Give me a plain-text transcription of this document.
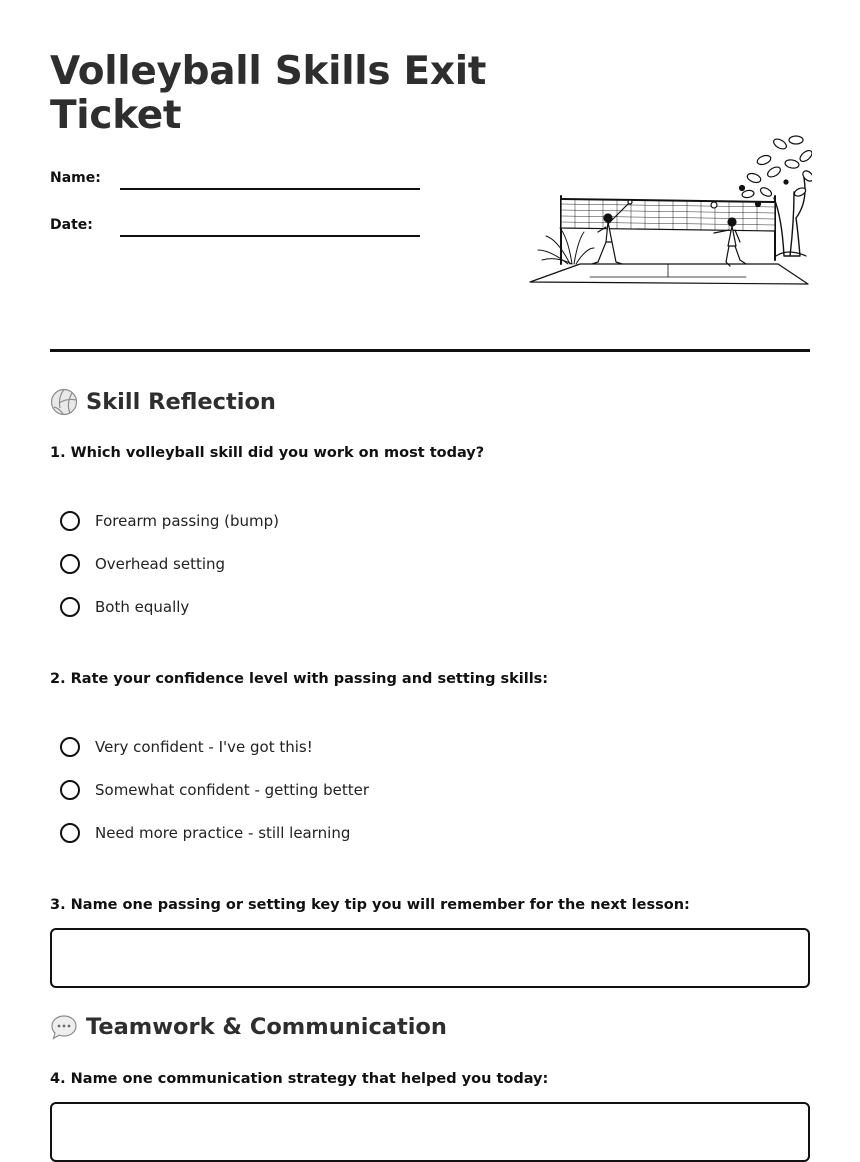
Volleyball Skills Exit Ticket
Name:
Date:
Skill Reflection

1. Which volleyball skill did you work on most today?

Forearm passing (bump)
Overhead setting
Both equally

2. Rate your confidence level with passing and setting skills:

Very confident - I've got this!
Somewhat confident - getting better
Need more practice - still learning

3. Name one passing or setting key tip you will remember for the next lesson:

Teamwork & Communication

4. Name one communication strategy that helped you today:
